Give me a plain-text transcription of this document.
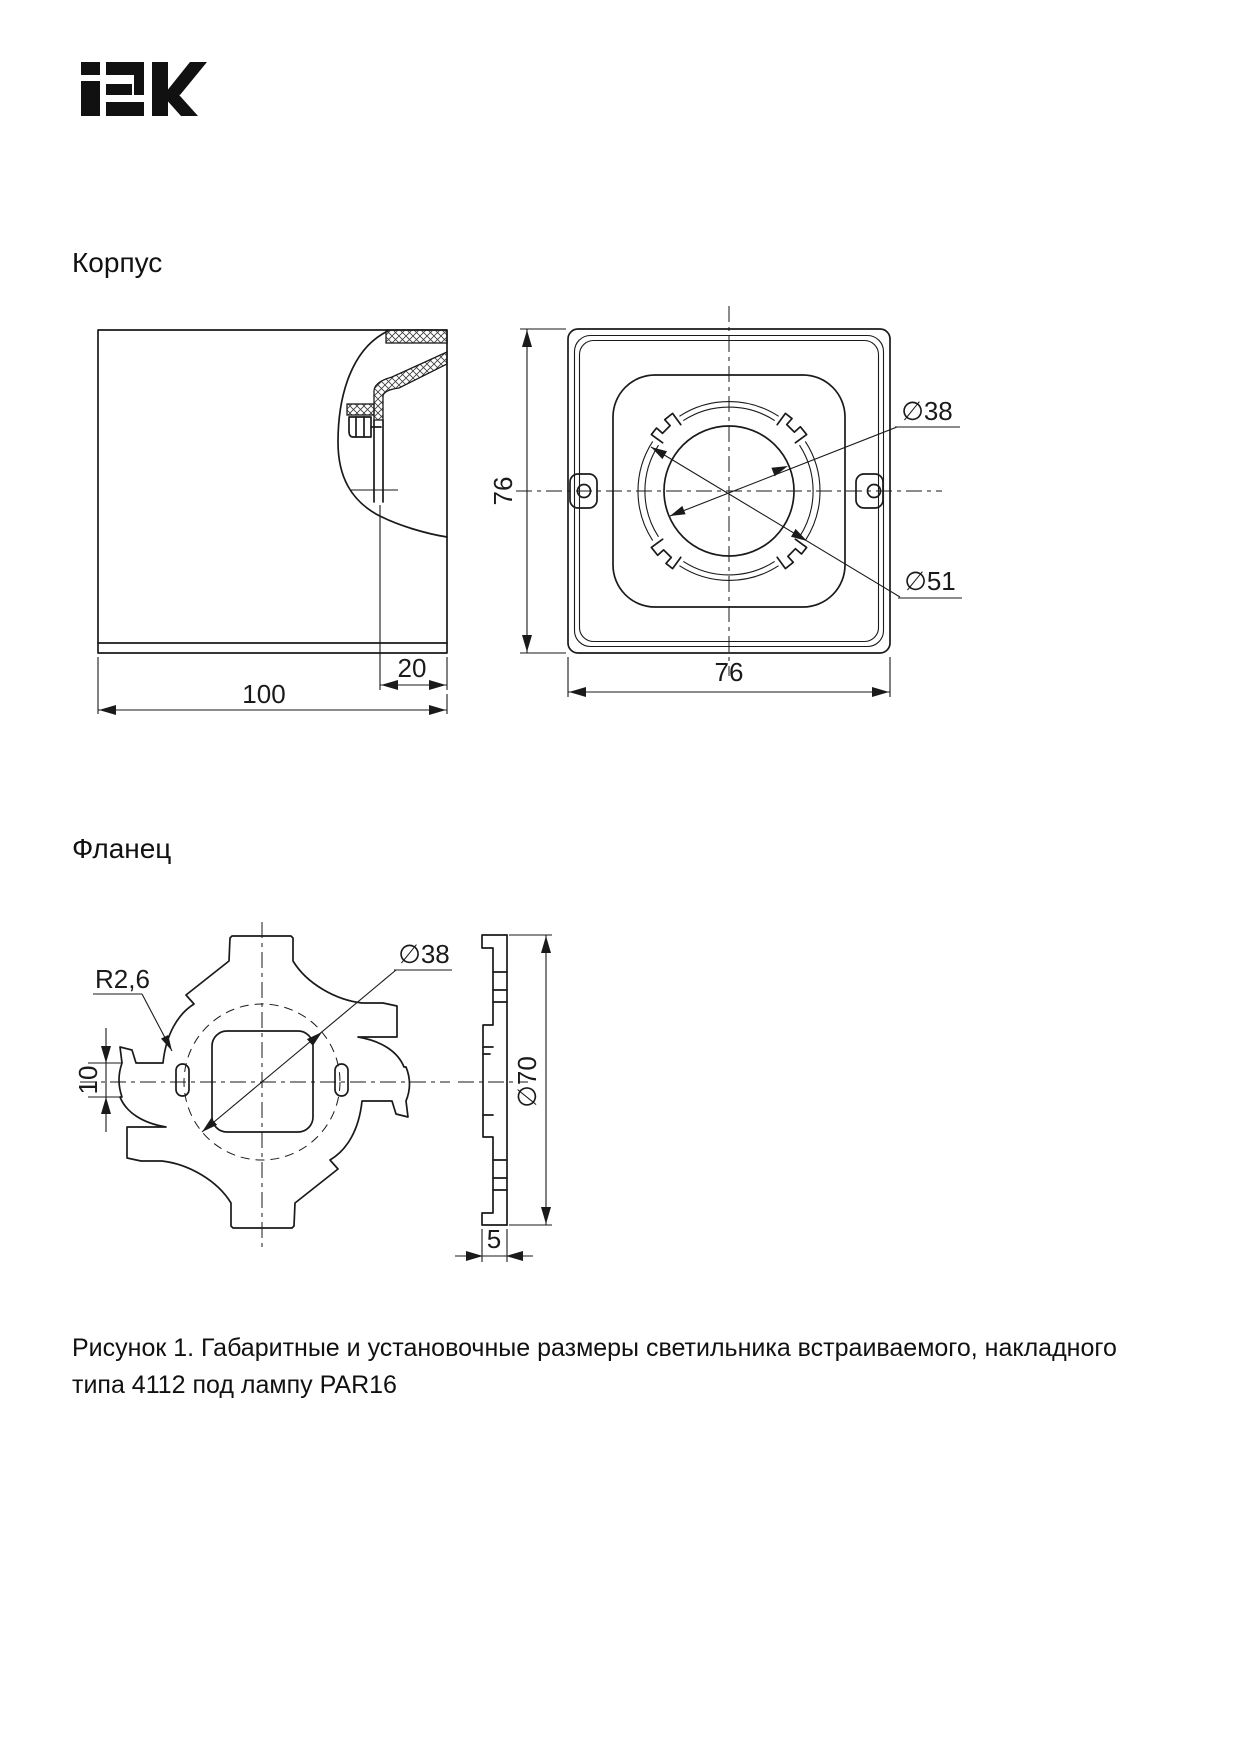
Корпус
Фланец
20
100
76
76
∅38
∅51
∅38
R2,6
10	∅70
5
Рисунок 1. Габаритные и установочные размеры светильника встраиваемого, накладного
типа 4112 под лампу PAR16
